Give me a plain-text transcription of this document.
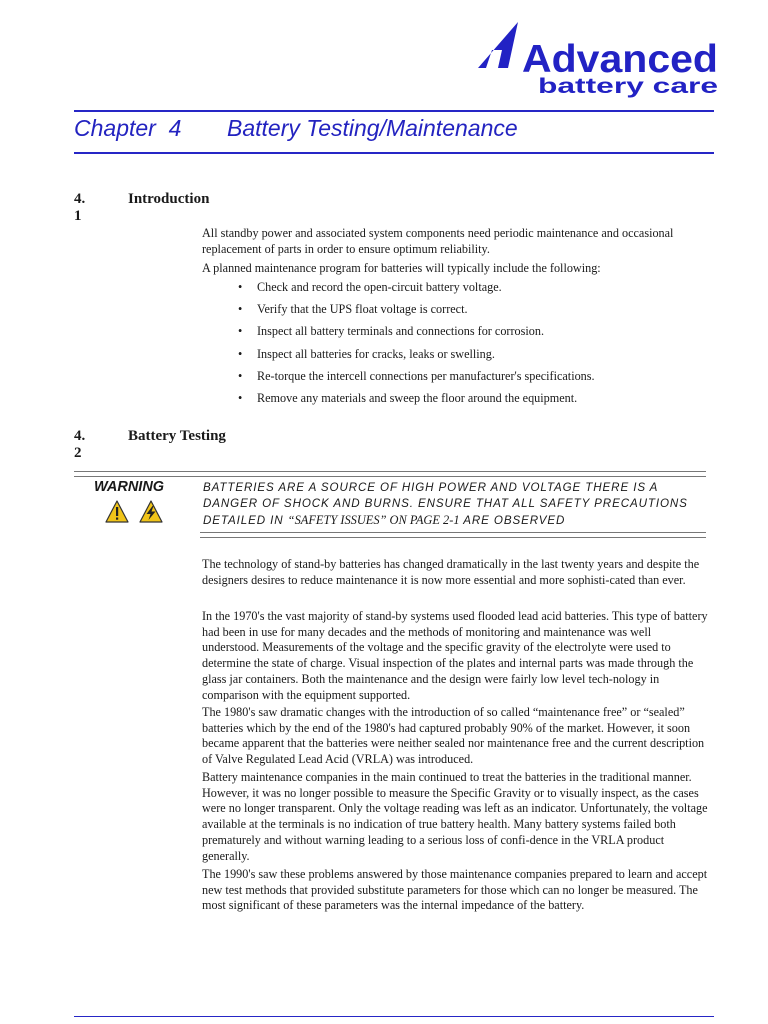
Advanced
battery care
Chapter  4 Battery Testing/Maintenance
4. 1
Introduction

All standby power and associated system components need periodic maintenance and occasional replacement of parts in order to ensure optimum reliability.

A planned maintenance program for batteries will typically include the following:

•	Check and record the open-circuit battery voltage.
•	Verify that the UPS float voltage is correct.
•	Inspect all battery terminals and connections for corrosion.
•	Inspect all batteries for cracks, leaks or swelling.
•	Re-torque the intercell connections per manufacturer's specifications.
•	Remove any materials and sweep the floor around the equipment.
4. 2
Battery Testing
WARNING	BATTERIES ARE A SOURCE OF HIGH POWER AND VOLTAGE THERE IS A DANGER OF SHOCK AND BURNS. ENSURE THAT ALL SAFETY PRECAUTIONS DETAILED IN “SAFETY ISSUES” ON PAGE 2-1 ARE OBSERVED

The technology of stand-by batteries has changed dramatically in the last twenty years and despite the designers desires to reduce maintenance it is now more essential and more sophisti-cated than ever.

In the 1970's the vast majority of stand-by systems used flooded lead acid batteries. This type of battery had been in use for many decades and the methods of monitoring and maintenance was well understood. Measurements of the voltage and the specific gravity of the electrolyte were used to determine the state of charge. Visual inspection of the plates and internal parts was made through the glass jar containers. Both the maintenance and the design were fairly low level tech-nology in comparison with the equipment supported.

The 1980's saw dramatic changes with the introduction of so called “maintenance free” or “sealed” batteries which by the end of the 1980's had captured probably 90% of the market. However, it soon became apparent that the batteries were neither sealed nor maintenance free and the current description of Valve Regulated Lead Acid (VRLA) was introduced.

Battery maintenance companies in the main continued to treat the batteries in the traditional manner. However, it was no longer possible to measure the Specific Gravity or to visually inspect, as the cases were no longer transparent. Only the voltage reading was left as an indicator. Unfortunately, the voltage available at the terminals is no indication of true battery health. Many battery systems failed both prematurely and without warning leading to a serious loss of confi-dence in the VRLA product generally.

The 1990's saw these problems answered by those maintenance companies prepared to learn and accept new test methods that provided substitute parameters for those which can no longer be measured. The most significant of these parameters was the internal impedance of the battery.
